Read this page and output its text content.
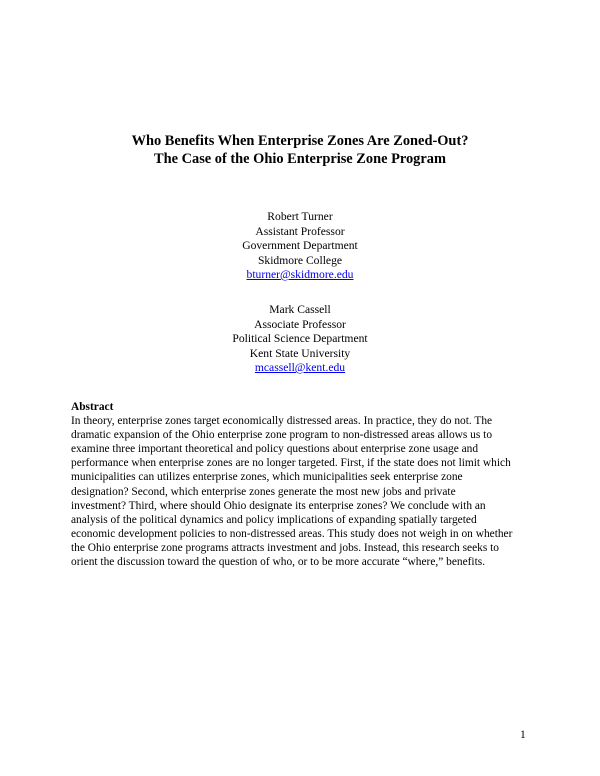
Who Benefits When Enterprise Zones Are Zoned-Out?
The Case of the Ohio Enterprise Zone Program
Robert Turner
Assistant Professor
Government Department
Skidmore College
bturner@skidmore.edu
Mark Cassell
Associate Professor
Political Science Department
Kent State University
mcassell@kent.edu
Abstract
In theory, enterprise zones target economically distressed areas. In practice, they do not. The
dramatic expansion of the Ohio enterprise zone program to non-distressed areas allows us to
examine three important theoretical and policy questions about enterprise zone usage and
performance when enterprise zones are no longer targeted. First, if the state does not limit which
municipalities can utilizes enterprise zones, which municipalities seek enterprise zone
designation? Second, which enterprise zones generate the most new jobs and private
investment? Third, where should Ohio designate its enterprise zones? We conclude with an
analysis of the political dynamics and policy implications of expanding spatially targeted
economic development policies to non-distressed areas. This study does not weigh in on whether
the Ohio enterprise zone programs attracts investment and jobs. Instead, this research seeks to
orient the discussion toward the question of who, or to be more accurate “where,” benefits.
1
